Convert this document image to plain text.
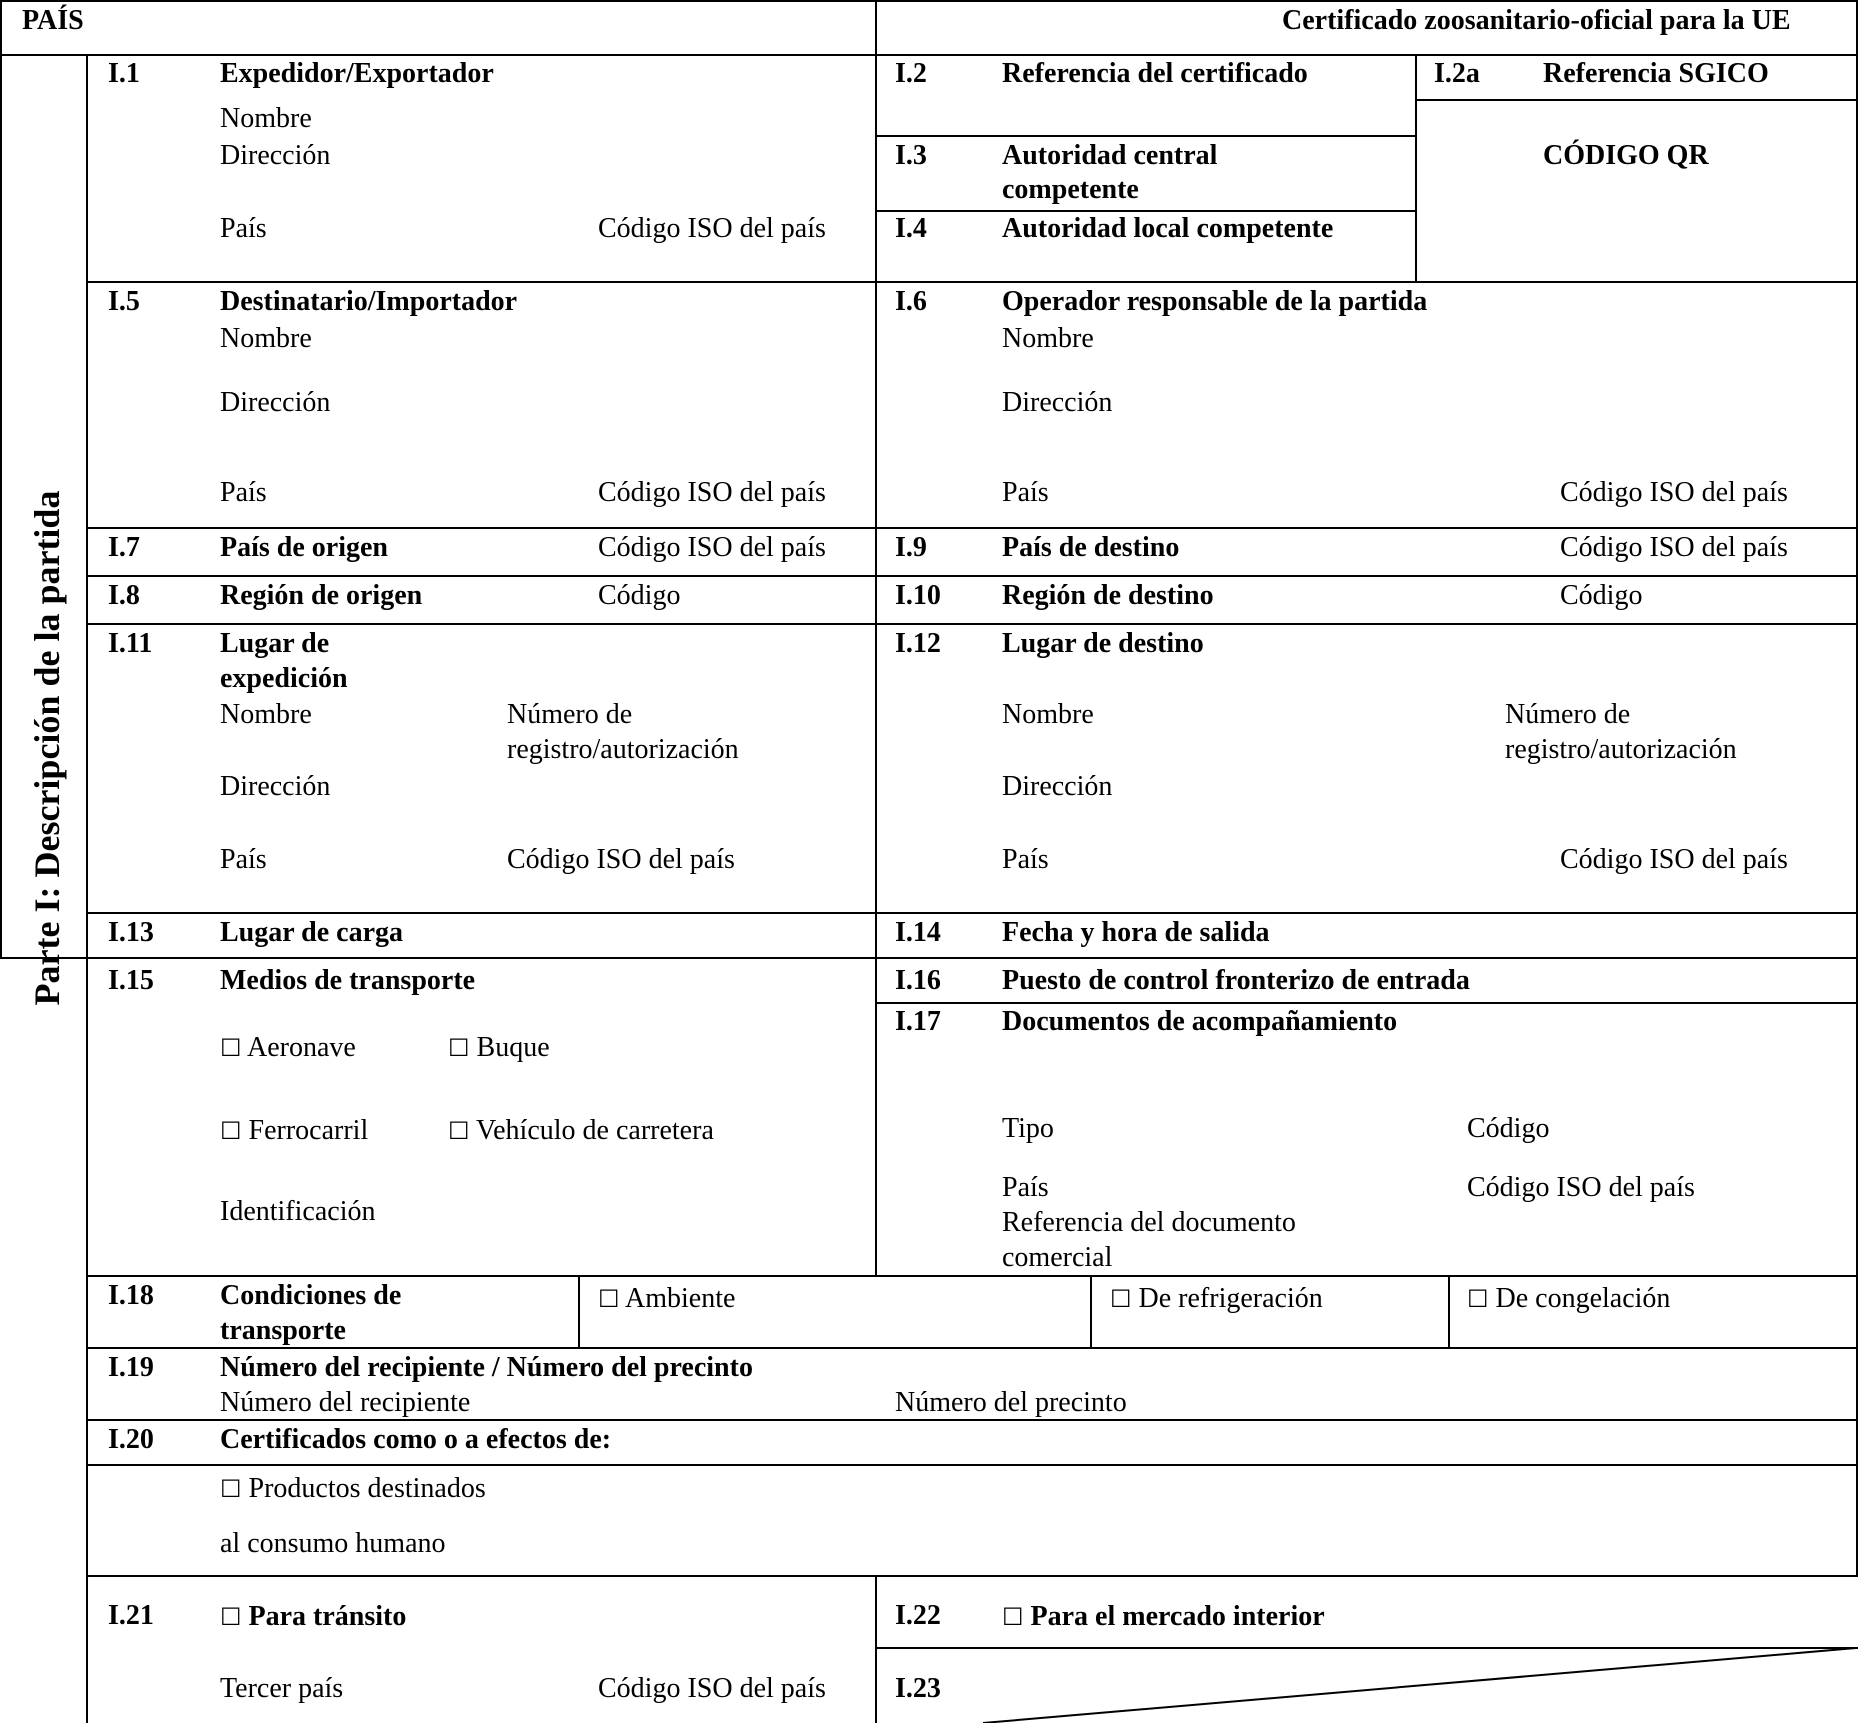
PAÍS	Certificado zoosanitario-oficial para la UE
Parte I: Descripción de la partida
I.1	Expedidor/Exportador
Nombre
Dirección
País	Código ISO del país
I.2	Referencia del certificado	I.2a Referencia SGICO
CÓDIGO QR
I.3	Autoridad central
competente
I.4	Autoridad local competente
I.5	Destinatario/Importador
Nombre
Dirección
País	Código ISO del país
I.6	Operador responsable de la partida
Nombre
Dirección
País	Código ISO del país
I.7	País de origen	Código ISO del país I.9	País de destino	Código ISO del país
I.8	Región de origen	Código	I.10 Región de destino	Código
I.11 Lugar de
expedición
Nombre	Número de
registro/autorización
Dirección
País	Código ISO del país
I.12 Lugar de destino
Nombre	Número de
registro/autorización
Dirección
País	Código ISO del país
I.13 Lugar de carga	I.14 Fecha y hora de salida
I.15 Medios de transporte
☐ Aeronave	☐ Buque
☐ Ferrocarril	☐ Vehículo de carretera
Identificación
I.16 Puesto de control fronterizo de entrada
I.17 Documentos de acompañamiento
Tipo	Código
País	Código ISO del país
Referencia del documento
comercial
I.18 Condiciones de
transporte
☐ Ambiente	☐ De refrigeración	☐ De congelación
I.19 Número del recipiente / Número del precinto
Número del recipiente	Número del precinto
I.20 Certificados como o a efectos de:
☐ Productos destinados
al consumo humano
I.21	☐ Para tránsito
Tercer país	Código ISO del país
I.22	☐ Para el mercado interior
I.23
